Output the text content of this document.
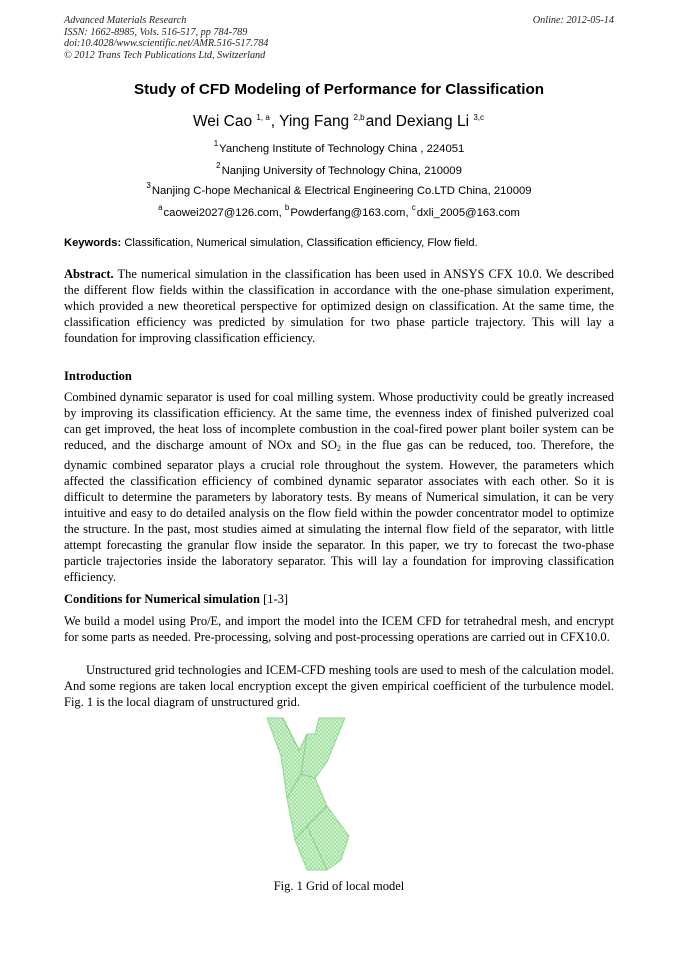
Advanced Materials Research
ISSN: 1662-8985, Vols. 516-517, pp 784-789
doi:10.4028/www.scientific.net/AMR.516-517.784
© 2012 Trans Tech Publications Ltd, Switzerland
Online: 2012-05-14
Study of CFD Modeling of Performance for Classification
Wei Cao $^{1, a}$, Ying Fang $^{2,b}$and Dexiang Li $^{3,c}$
$^1$Yancheng Institute of Technology China , 224051
$^2$Nanjing University of Technology China, 210009
$^3$Nanjing C-hope Mechanical & Electrical Engineering Co.LTD China, 210009
$^a$caowei2027@126.com, $^b$Powderfang@163.com, $^c$dxli_2005@163.com
Keywords: Classification, Numerical simulation, Classification efficiency, Flow field.

Abstract. The numerical simulation in the classification has been used in ANSYS CFX 10.0. We described the different flow fields within the classification in accordance with the one-phase simulation experiment, which provided a new theoretical perspective for optimized design on classification. At the same time, the classification efficiency was predicted by simulation for two phase particle trajectory. This will lay a foundation for improving classification efficiency.

Introduction

Combined dynamic separator is used for coal milling system. Whose productivity could be greatly increased by improving its classification efficiency. At the same time, the evenness index of finished pulverized coal can get improved, the heat loss of incomplete combustion in the coal-fired power plant boiler system can be reduced, and the discharge amount of NOx and $SO_2$ in the flue gas can be reduced, too. Therefore, the dynamic combined separator plays a crucial role throughout the system. However, the parameters which affected the classification efficiency of combined dynamic separator associates with each other. So it is difficult to determine the parameters by laboratory tests. By means of Numerical simulation, it can be very intuitive and easy to do detailed analysis on the flow field within the powder concentrator model to optimize the structure. In the past, most studies aimed at simulating the internal flow field of the separator, with little attempt forecasting the granular flow inside the separator. In this paper, we try to forecast the two-phase particle trajectories inside the laboratory separator. This will lay a foundation for improving classification efficiency.

Conditions for Numerical simulation [1-3]

We build a model using Pro/E, and import the model into the ICEM CFD for tetrahedral mesh, and encrypt for some parts as needed. Pre-processing, solving and post-processing operations are carried out in CFX10.0.

Unstructured grid technologies and ICEM-CFD meshing tools are used to mesh of the calculation model. And some regions are taken local encryption except the given empirical coefficient of the turbulence model. Fig. 1 is the local diagram of unstructured grid.

Fig. 1 Grid of local model
